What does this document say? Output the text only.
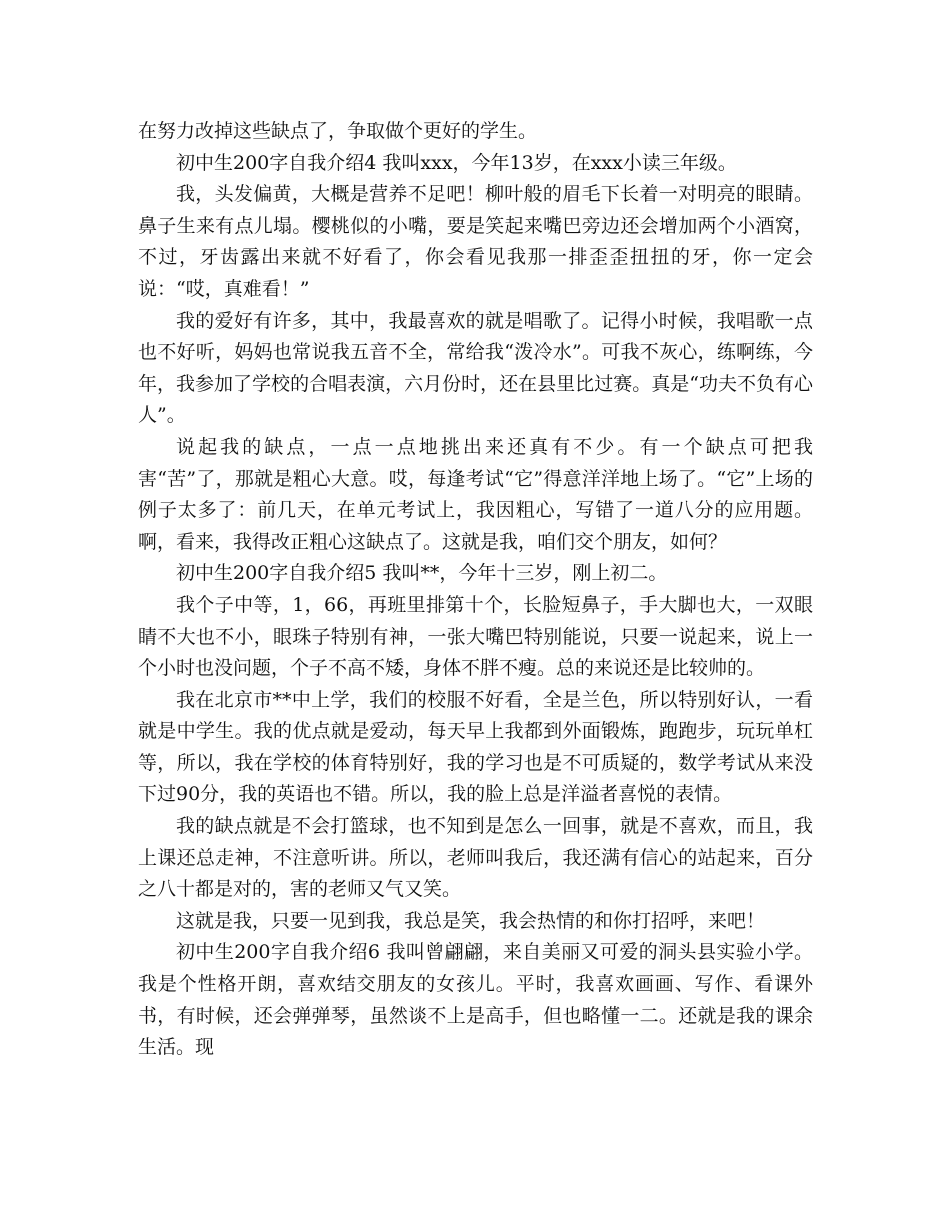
在努力改掉这些缺点了，争取做个更好的学生。

初中生200字自我介绍4 我叫xxx，今年13岁，在xxx小读三年级。

我，头发偏黄，大概是营养不足吧！柳叶般的眉毛下长着一对明亮的眼睛。鼻子生来有点儿塌。樱桃似的小嘴，要是笑起来嘴巴旁边还会增加两个小酒窝，不过，牙齿露出来就不好看了，你会看见我那一排歪歪扭扭的牙，你一定会说：“哎，真难看！”

我的爱好有许多，其中，我最喜欢的就是唱歌了。记得小时候，我唱歌一点也不好听，妈妈也常说我五音不全，常给我“泼冷水”。可我不灰心，练啊练，今年，我参加了学校的合唱表演，六月份时，还在县里比过赛。真是“功夫不负有心人”。

说起我的缺点，一点一点地挑出来还真有不少。有一个缺点可把我害“苦”了，那就是粗心大意。哎，每逢考试“它”得意洋洋地上场了。“它”上场的例子太多了：前几天，在单元考试上，我因粗心，写错了一道八分的应用题。啊，看来，我得改正粗心这缺点了。这就是我，咱们交个朋友，如何？

初中生200字自我介绍5 我叫**，今年十三岁，刚上初二。

我个子中等，1，66，再班里排第十个，长脸短鼻子，手大脚也大，一双眼睛不大也不小，眼珠子特别有神，一张大嘴巴特别能说，只要一说起来，说上一个小时也没问题，个子不高不矮，身体不胖不瘦。总的来说还是比较帅的。

我在北京市**中上学，我们的校服不好看，全是兰色，所以特别好认，一看就是中学生。我的优点就是爱动，每天早上我都到外面锻炼，跑跑步，玩玩单杠等，所以，我在学校的体育特别好，我的学习也是不可质疑的，数学考试从来没下过90分，我的英语也不错。所以，我的脸上总是洋溢者喜悦的表情。

我的缺点就是不会打篮球，也不知到是怎么一回事，就是不喜欢，而且，我上课还总走神，不注意听讲。所以，老师叫我后，我还满有信心的站起来，百分之八十都是对的，害的老师又气又笑。

这就是我，只要一见到我，我总是笑，我会热情的和你打招呼，来吧！

初中生200字自我介绍6 我叫曾翩翩，来自美丽又可爱的洞头县实验小学。我是个性格开朗，喜欢结交朋友的女孩儿。平时，我喜欢画画、写作、看课外书，有时候，还会弹弹琴，虽然谈不上是高手，但也略懂一二。还就是我的课余生活。现
